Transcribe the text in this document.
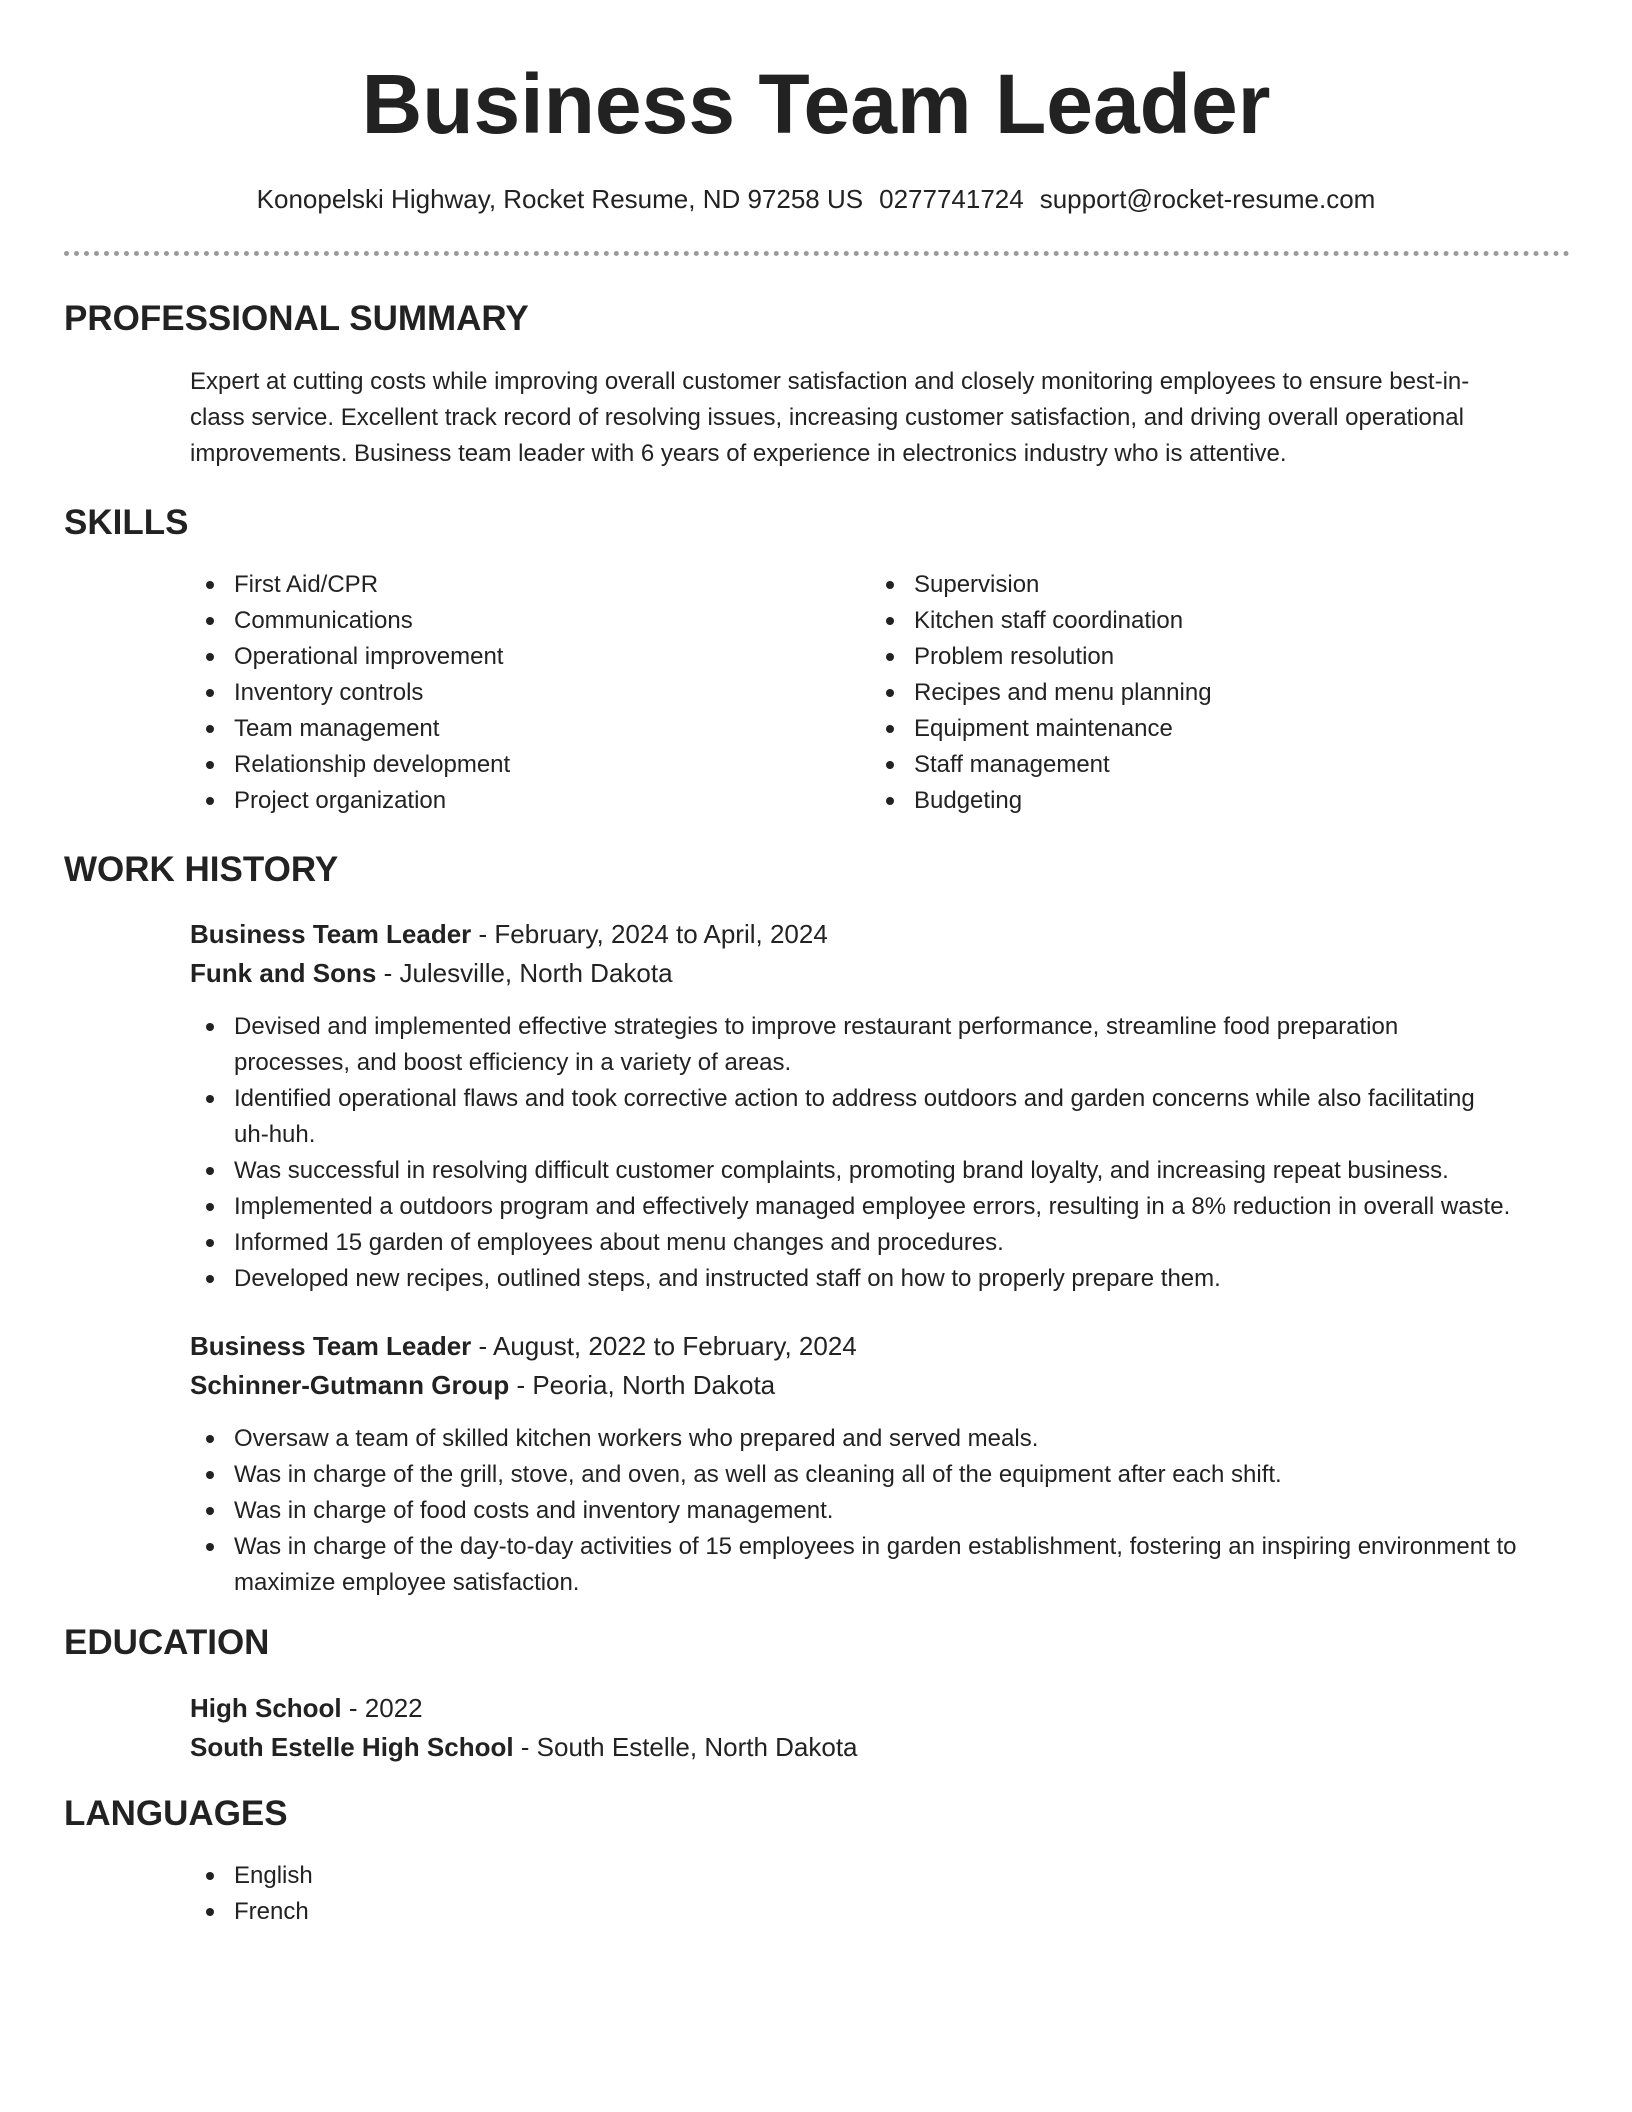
Business Team Leader
Konopelski Highway, Rocket Resume, ND 97258 US 0277741724 support@rocket-resume.com
PROFESSIONAL SUMMARY
Expert at cutting costs while improving overall customer satisfaction and closely monitoring employees to ensure best-in-
class service. Excellent track record of resolving issues, increasing customer satisfaction, and driving overall operational
improvements. Business team leader with 6 years of experience in electronics industry who is attentive.
SKILLS
First Aid/CPR
Communications
Operational improvement
Inventory controls
Team management
Relationship development
Project organization
Supervision
Kitchen staff coordination
Problem resolution
Recipes and menu planning
Equipment maintenance
Staff management
Budgeting
WORK HISTORY
Business Team Leader - February, 2024 to April, 2024
Funk and Sons - Julesville, North Dakota
Devised and implemented effective strategies to improve restaurant performance, streamline food preparation
processes, and boost efficiency in a variety of areas.
Identified operational flaws and took corrective action to address outdoors and garden concerns while also facilitating
uh-huh.
Was successful in resolving difficult customer complaints, promoting brand loyalty, and increasing repeat business.
Implemented a outdoors program and effectively managed employee errors, resulting in a 8% reduction in overall waste.
Informed 15 garden of employees about menu changes and procedures.
Developed new recipes, outlined steps, and instructed staff on how to properly prepare them.
Business Team Leader - August, 2022 to February, 2024
Schinner-Gutmann Group - Peoria, North Dakota
Oversaw a team of skilled kitchen workers who prepared and served meals.
Was in charge of the grill, stove, and oven, as well as cleaning all of the equipment after each shift.
Was in charge of food costs and inventory management.
Was in charge of the day-to-day activities of 15 employees in garden establishment, fostering an inspiring environment to
maximize employee satisfaction.
EDUCATION
High School - 2022
South Estelle High School - South Estelle, North Dakota
LANGUAGES
English
French
